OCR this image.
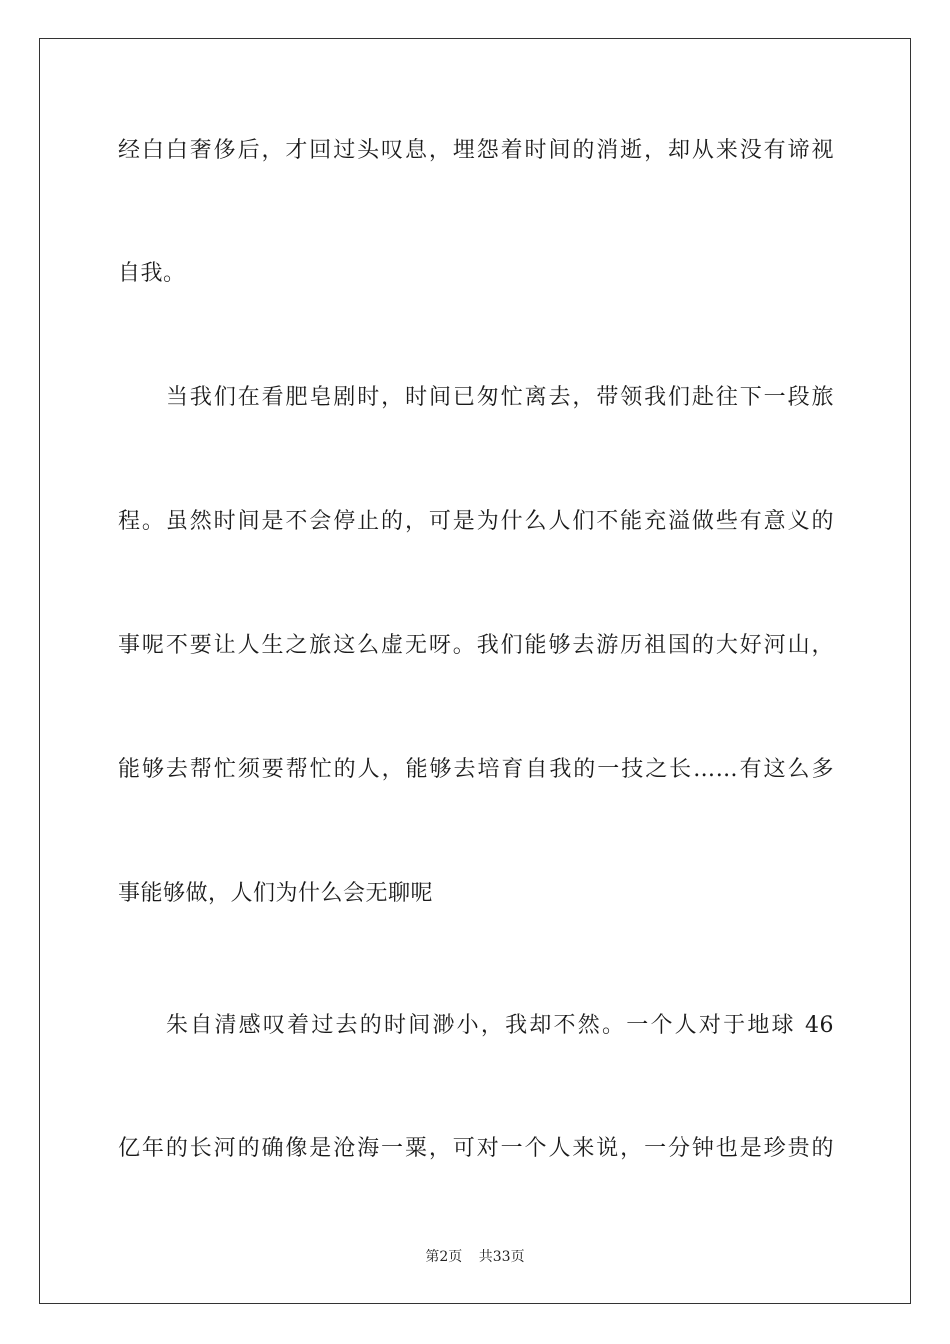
经白白奢侈后，才回过头叹息，埋怨着时间的消逝，却从来没有谛视
自我。
当我们在看肥皂剧时，时间已匆忙离去，带领我们赴往下一段旅
程。虽然时间是不会停止的，可是为什么人们不能充溢做些有意义的
事呢不要让人生之旅这么虚无呀。我们能够去游历祖国的大好河山，
能够去帮忙须要帮忙的人，能够去培育自我的一技之长……有这么多
事能够做，人们为什么会无聊呢
朱自清感叹着过去的时间渺小，我却不然。一个人对于地球 46
亿年的长河的确像是沧海一粟，可对一个人来说，一分钟也是珍贵的
第2页 共33页
